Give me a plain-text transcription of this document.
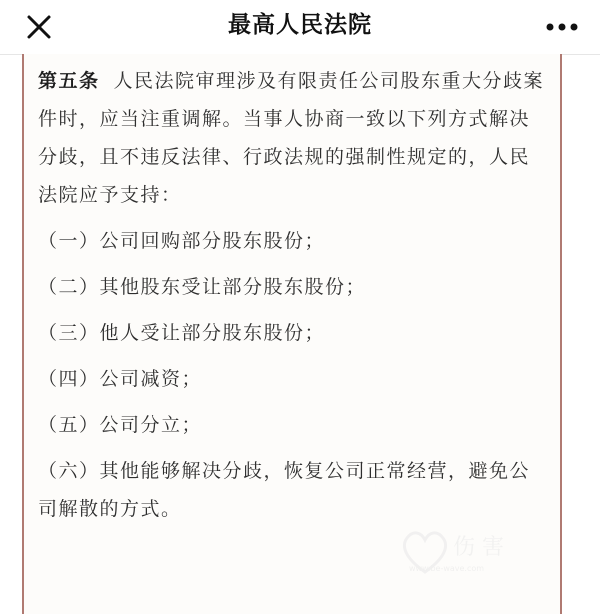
最高人民法院

第五条 人民法院审理涉及有限责任公司股东重大分歧案件时，应当注重调解。当事人协商一致以下列方式解决分歧，且不违反法律、行政法规的强制性规定的，人民法院应予支持：

（一）公司回购部分股东股份；

（二）其他股东受让部分股东股份；

（三）他人受让部分股东股份；

（四）公司减资；

（五）公司分立；

（六）其他能够解决分歧，恢复公司正常经营，避免公司解散的方式。

伤 害
www.be-wave.com
